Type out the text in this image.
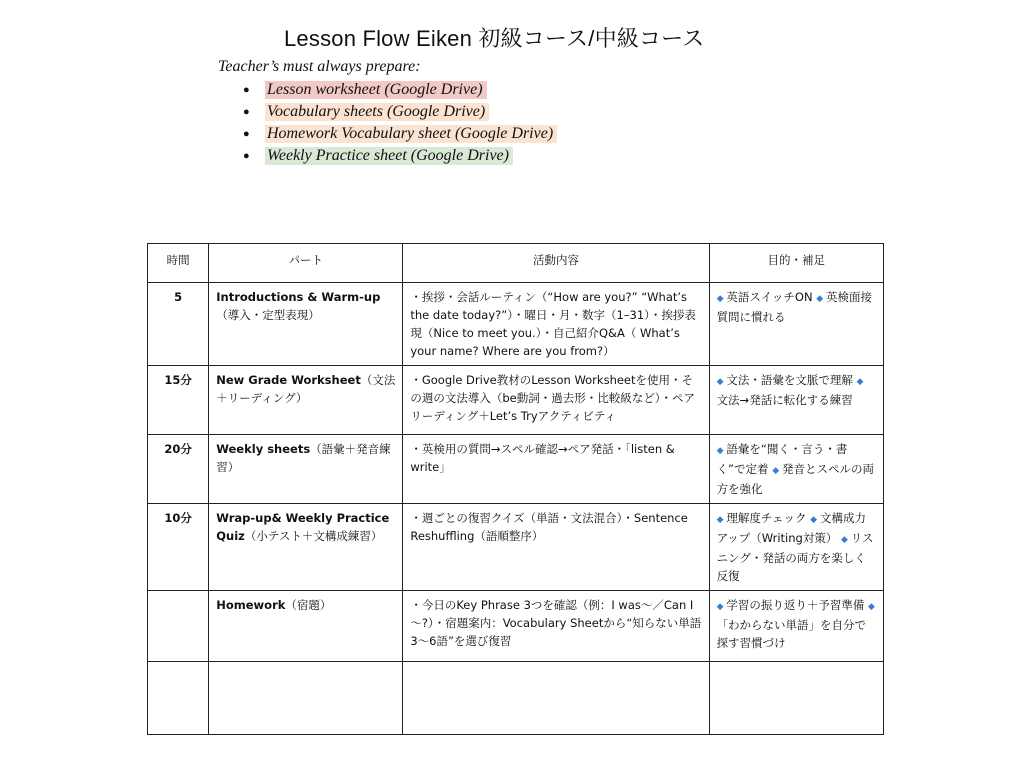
Lesson Flow Eiken 初級コース/中級コース
Teacher’s must always prepare:
●	Lesson worksheet (Google Drive)
●	Vocabulary sheets (Google Drive)
●	Homework Vocabulary sheet (Google Drive)
●	Weekly Practice sheet (Google Drive)
時間	パート	活動内容	目的・補足
5	Introductions & Warm-up （導入・定型表現）	・挨拶・会話ルーティン（“How are you?” “What’s the date today?”）・曜日・月・数字（1–31）・挨拶表現（Nice to meet you.）・自己紹介Q&A（ What’s your name? Where are you from?）	◆ 英語スイッチON ◆ 英検面接質問に慣れる
15分	New Grade Worksheet（文法＋リーディング）	・Google Drive教材のLesson Worksheetを使用・その週の文法導入（be動詞・過去形・比較級など）・ペアリーディング＋Let’s Tryアクティビティ	◆ 文法・語彙を文脈で理解 ◆ 文法→発話に転化する練習
20分	Weekly sheets（語彙＋発音練習）	・英検用の質問→スペル確認→ペア発話・「listen & write」	◆ 語彙を“聞く・言う・書く”で定着 ◆ 発音とスペルの両方を強化
10分	Wrap-up& Weekly Practice Quiz（小テスト＋文構成練習）	・週ごとの復習クイズ（単語・文法混合）・Sentence Reshuffling（語順整序）	◆ 理解度チェック ◆ 文構成力アップ（Writing対策） ◆ リスニング・発話の両方を楽しく反復
	Homework（宿題）	・今日のKey Phrase 3つを確認（例：I was～／Can I～?）・宿題案内：Vocabulary Sheetから“知らない単語3～6語”を選び復習	◆ 学習の振り返り＋予習準備 ◆ 「わからない単語」を自分で探す習慣づけ
